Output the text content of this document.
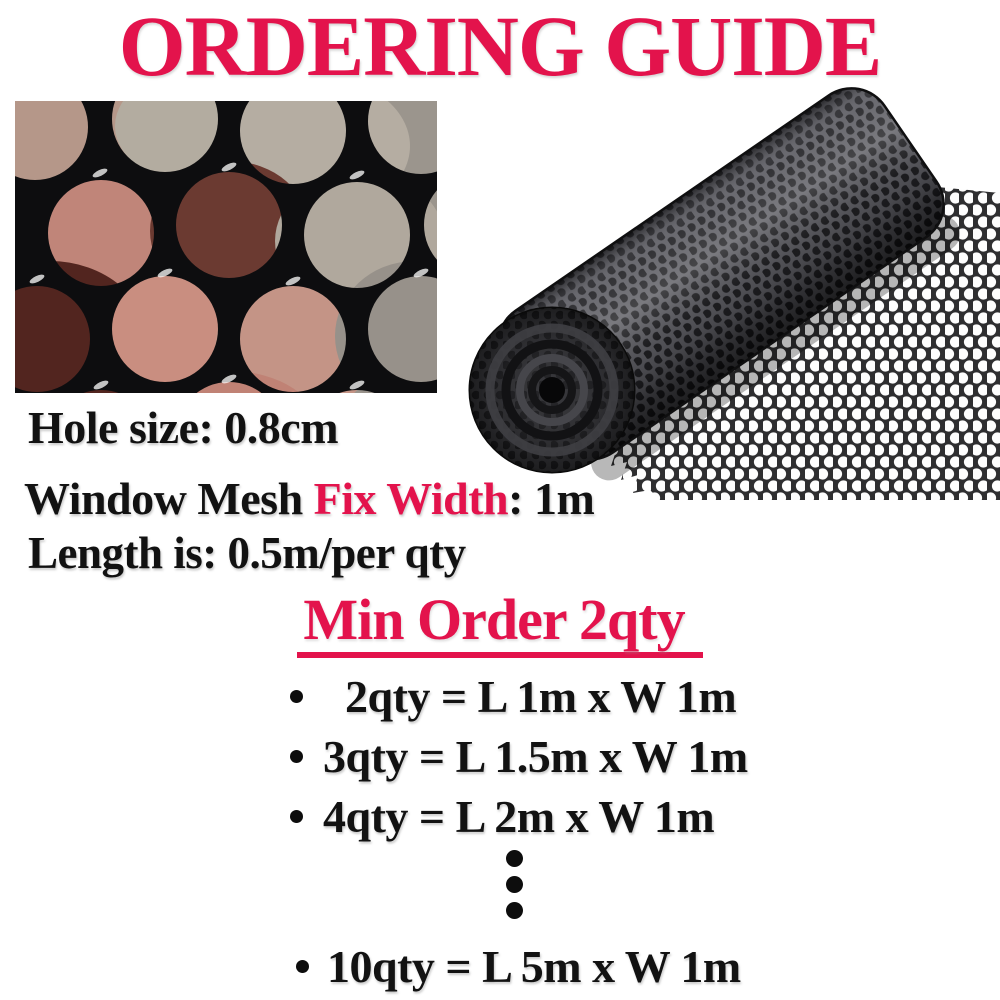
ORDERING GUIDE
Hole size: 0.8cm
Window Mesh Fix Width: 1m
Length is: 0.5m/per qty
Min Order 2qty
2qty = L 1m x W 1m
3qty = L 1.5m x W 1m
4qty = L 2m x W 1m
10qty = L 5m x W 1m
